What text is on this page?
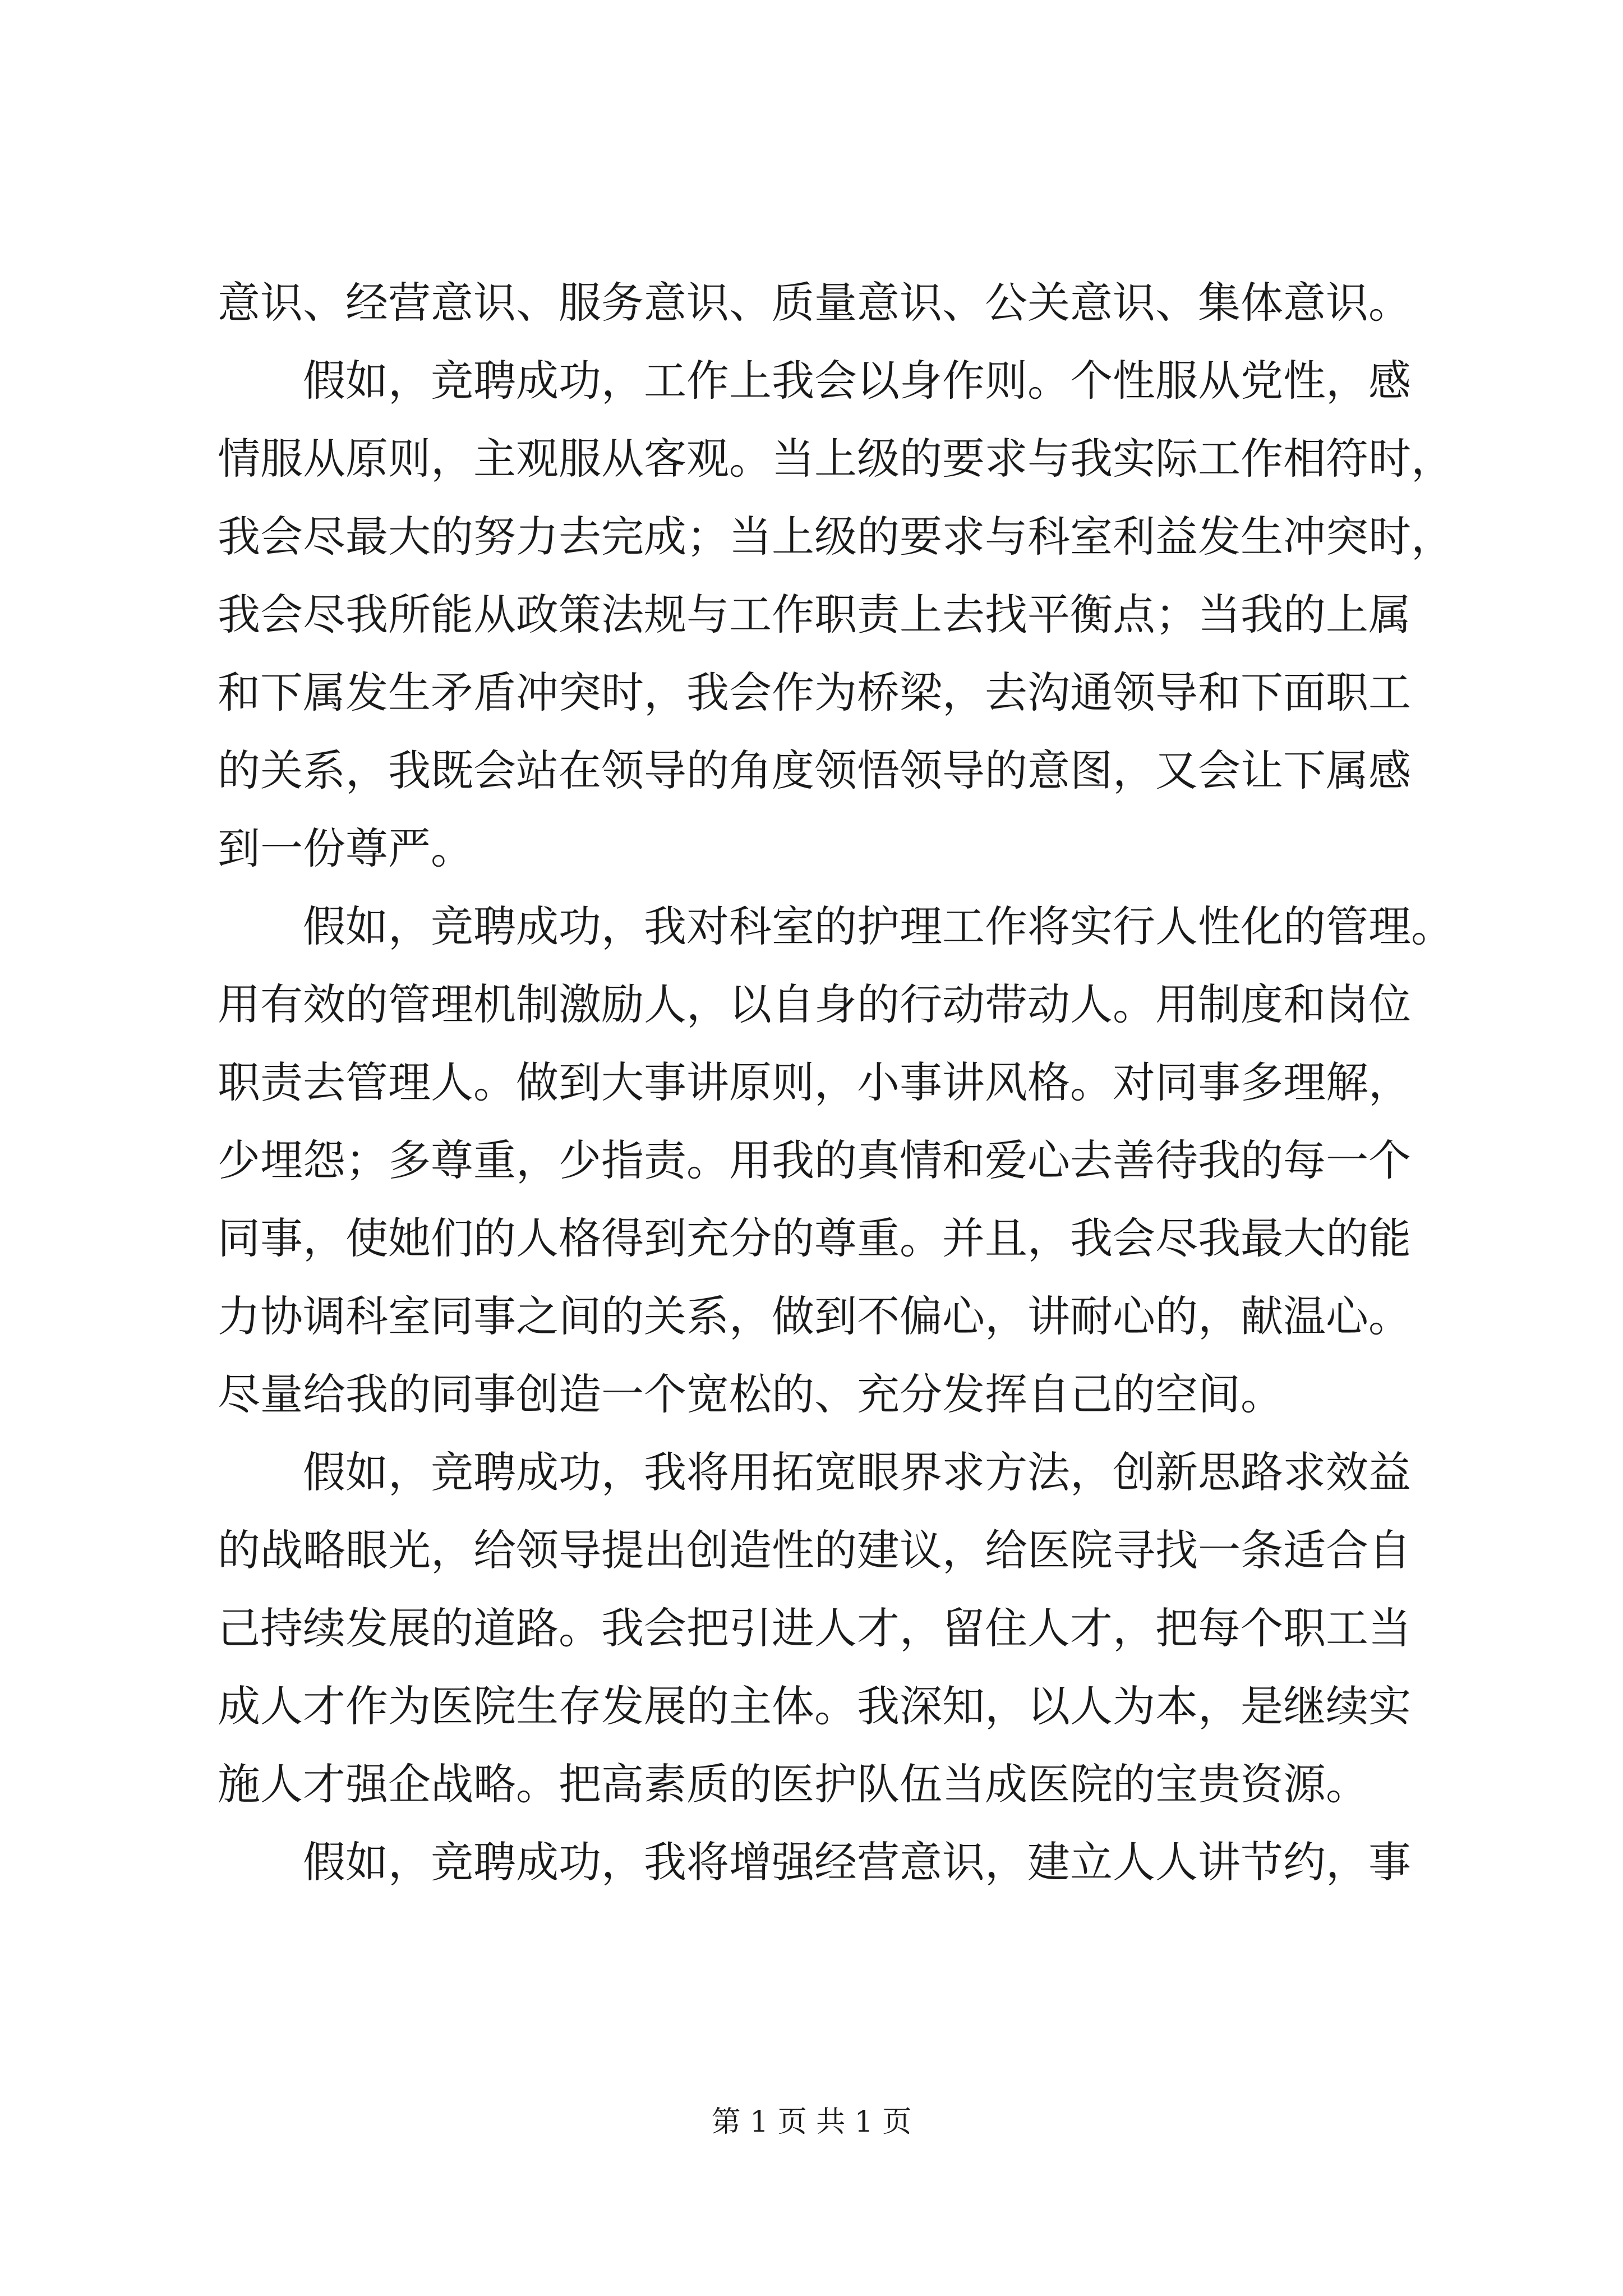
意识、经营意识、服务意识、质量意识、公关意识、集体意识。
假如，竞聘成功，工作上我会以身作则。个性服从党性，感
情服从原则，主观服从客观。当上级的要求与我实际工作相符时，
我会尽最大的努力去完成；当上级的要求与科室利益发生冲突时，
我会尽我所能从政策法规与工作职责上去找平衡点；当我的上属
和下属发生矛盾冲突时，我会作为桥梁，去沟通领导和下面职工
的关系，我既会站在领导的角度领悟领导的意图，又会让下属感
到一份尊严。
假如，竞聘成功，我对科室的护理工作将实行人性化的管理。
用有效的管理机制激励人，以自身的行动带动人。用制度和岗位
职责去管理人。做到大事讲原则，小事讲风格。对同事多理解，
少埋怨；多尊重，少指责。用我的真情和爱心去善待我的每一个
同事，使她们的人格得到充分的尊重。并且，我会尽我最大的能
力协调科室同事之间的关系，做到不偏心，讲耐心的，献温心。
尽量给我的同事创造一个宽松的、充分发挥自己的空间。
假如，竞聘成功，我将用拓宽眼界求方法，创新思路求效益
的战略眼光，给领导提出创造性的建议，给医院寻找一条适合自
己持续发展的道路。我会把引进人才，留住人才，把每个职工当
成人才作为医院生存发展的主体。我深知，以人为本，是继续实
施人才强企战略。把高素质的医护队伍当成医院的宝贵资源。
假如，竞聘成功，我将增强经营意识，建立人人讲节约，事
第 1 页 共 1 页
